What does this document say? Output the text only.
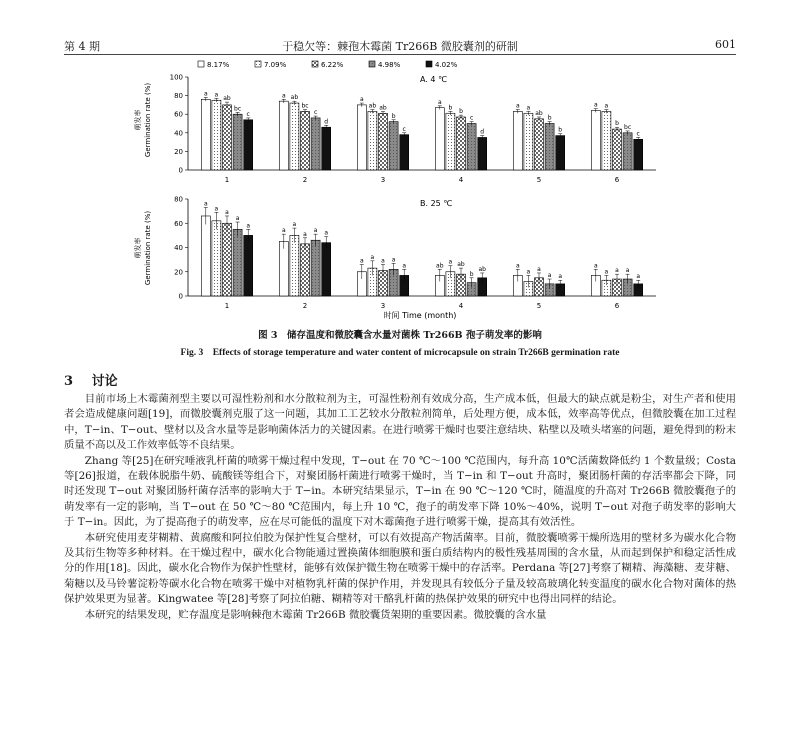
第 4 期	于稳欠等：棘孢木霉菌 Tr266B 微胶囊剂的研制	601
8.17%	7.09%	6.22%	4.98%	4.02%
A. 4 ℃
B. 25 ℃
萌发率 Germination rate (%)
萌发率 Germination rate (%)
0
20
40
60
80
100
1
a a
ab
bc
c
2
a ab
bc
c
d
3
a
ab ab
b
c
4
a
b
b
c
d
5
a a
ab
b
b
6
a a
b
bc
c
0
20
40
60
80
1
a
a
a
a
a
2
a
a
a
a a
3
a
a
a a
a
4
ab
a ab
b
ab
5
a
a a
a a
6
a
a a a
a
时间 Time (month)
图 3　储存温度和微胶囊含水量对菌株 Tr266B 孢子萌发率的影响
Fig. 3　Effects of storage temperature and water content of microcapsule on strain Tr266B germination rate
3 讨论

目前市场上木霉菌剂型主要以可湿性粉剂和水分散粒剂为主，可湿性粉剂有效成分高，生产成本低，但最大的缺点就是粉尘，对生产者和使用者会造成健康问题[19]，而微胶囊剂克服了这一问题，其加工工艺较水分散粒剂简单，后处理方便，成本低，效率高等优点，但微胶囊在加工过程中，T−in、T−out、壁材以及含水量等是影响菌体活力的关键因素。在进行喷雾干燥时也要注意结块、粘壁以及喷头堵塞的问题，避免得到的粉末质量不高以及工作效率低等不良结果。

Zhang 等[25]在研究唾液乳杆菌的喷雾干燥过程中发现，T−out 在 70 ℃～100 ℃范围内，每升高 10℃活菌数降低约 1 个数量级；Costa 等[26]报道，在载体脱脂牛奶、硫酸镁等组合下，对聚团肠杆菌进行喷雾干燥时，当 T−in 和 T−out 升高时，聚团肠杆菌的存活率都会下降，同时还发现 T−out 对聚团肠杆菌存活率的影响大于 T−in。本研究结果显示，T−in 在 90 ℃～120 ℃时，随温度的升高对 Tr266B 微胶囊孢子的萌发率有一定的影响，当 T−out 在 50 ℃～80 ℃范围内，每上升 10 ℃，孢子的萌发率下降 10%～40%，说明 T−out 对孢子萌发率的影响大于 T−in。因此，为了提高孢子的萌发率，应在尽可能低的温度下对木霉菌孢子进行喷雾干燥，提高其有效活性。

本研究使用麦芽糊精、黄腐酸和阿拉伯胶为保护性复合壁材，可以有效提高产物活菌率。目前，微胶囊喷雾干燥所选用的壁材多为碳水化合物及其衍生物等多种材料。在干燥过程中，碳水化合物能通过置换菌体细胞膜和蛋白质结构内的极性残基周围的含水量，从而起到保护和稳定活性成分的作用[18]。因此，碳水化合物作为保护性壁材，能够有效保护微生物在喷雾干燥中的存活率。Perdana 等[27]考察了糊精、海藻糖、麦芽糖、菊糖以及马铃薯淀粉等碳水化合物在喷雾干燥中对植物乳杆菌的保护作用，并发现具有较低分子量及较高玻璃化转变温度的碳水化合物对菌体的热保护效果更为显著。Kingwatee 等[28]考察了阿拉伯糖、糊精等对干酪乳杆菌的热保护效果的研究中也得出同样的结论。

本研究的结果发现，贮存温度是影响棘孢木霉菌 Tr266B 微胶囊货架期的重要因素。微胶囊的含水量
